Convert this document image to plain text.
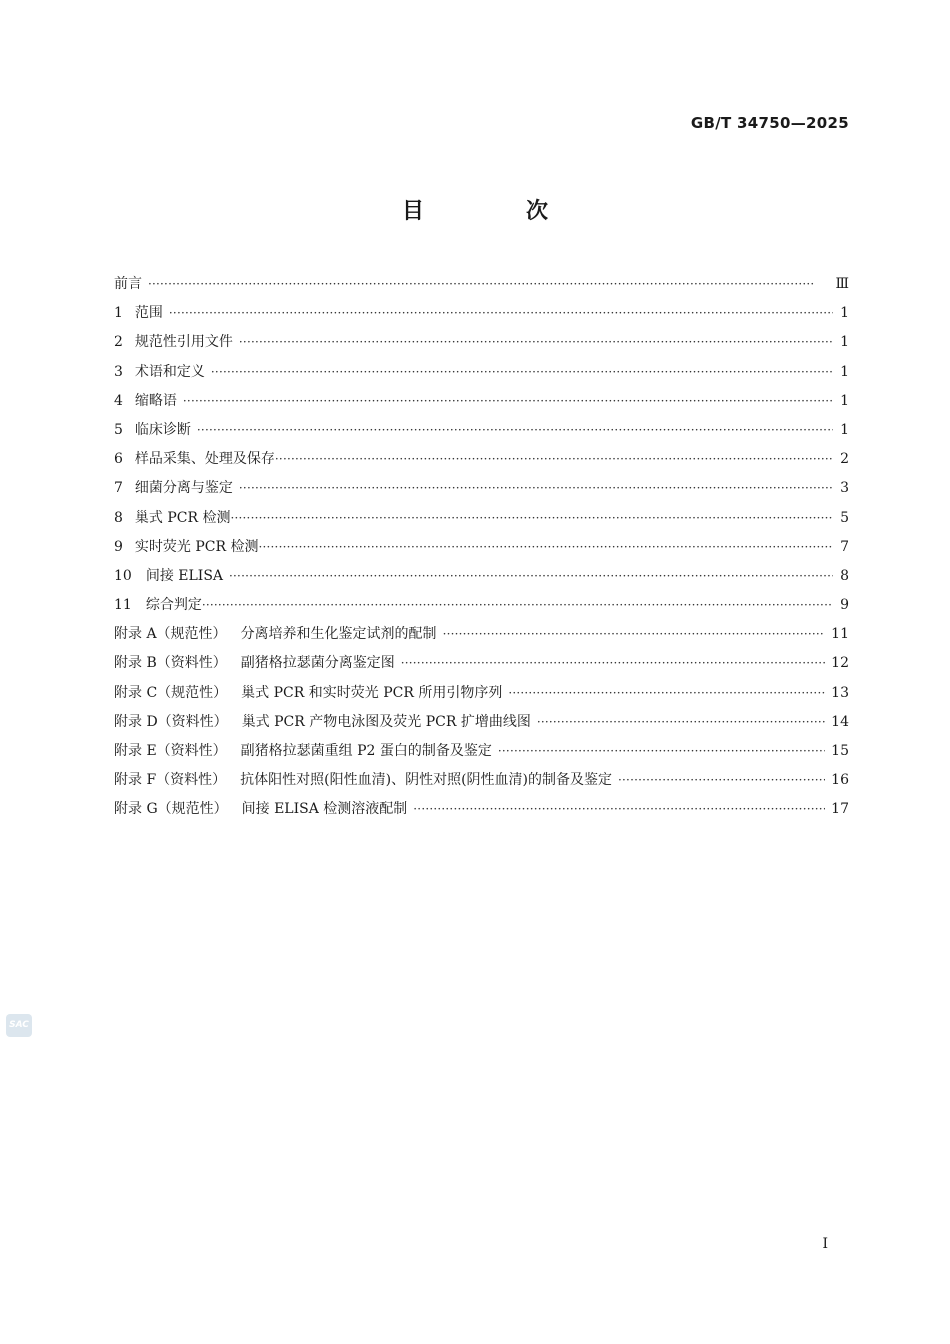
GB/T 34750—2025
目　次
前言 ·····	Ⅲ
1 范围 ·····	1
2 规范性引用文件 ·····	1
3 术语和定义 ·····	1
4 缩略语 ·····	1
5 临床诊断 ·····	1
6 样品采集、处理及保存 ·····	2
7 细菌分离与鉴定 ·····	3
8 巢式 PCR 检测 ·····	5
9 实时荧光 PCR 检测 ·····	7
10	间接 ELISA ·····	8
11	综合判定 ·····	9
附录 A（规范性）	分离培养和生化鉴定试剂的配制 ·····	11
附录 B（资料性）	副猪格拉瑟菌分离鉴定图 ·····	12
附录 C（规范性）	巢式 PCR 和实时荧光 PCR 所用引物序列 ·····	13
附录 D（资料性）	巢式 PCR 产物电泳图及荧光 PCR 扩增曲线图 ·····	14
附录 E（资料性）	副猪格拉瑟菌重组 P2 蛋白的制备及鉴定 ·····	15
附录 F（资料性）	抗体阳性对照(阳性血清)、阴性对照(阴性血清)的制备及鉴定 ·····	16
附录 G（规范性）	间接 ELISA 检测溶液配制 ·····	17
SAC
I
